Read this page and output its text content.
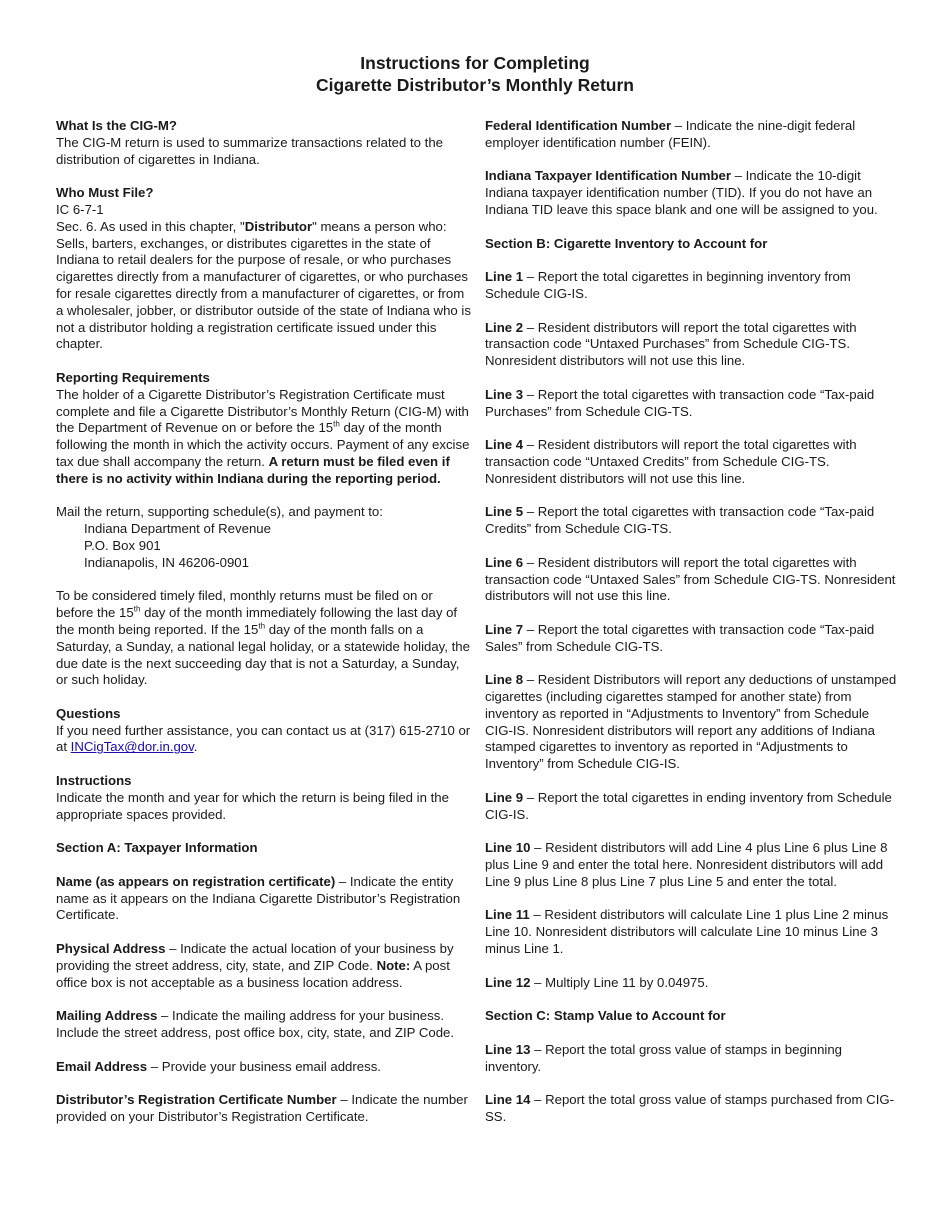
Instructions for Completing
Cigarette Distributor’s Monthly Return

What Is the CIG-M?
The CIG-M return is used to summarize transactions related to the distribution of cigarettes in Indiana.

Who Must File?
IC 6-7-1
Sec. 6. As used in this chapter, "Distributor" means a person who: Sells, barters, exchanges, or distributes cigarettes in the state of Indiana to retail dealers for the purpose of resale, or who purchases cigarettes directly from a manufacturer of cigarettes, or who purchases for resale cigarettes directly from a manufacturer of cigarettes, or from a wholesaler, jobber, or distributor outside of the state of Indiana who is not a distributor holding a registration certificate issued under this chapter.

Reporting Requirements
The holder of a Cigarette Distributor’s Registration Certificate must complete and file a Cigarette Distributor’s Monthly Return (CIG-M) with the Department of Revenue on or before the 15th day of the month following the month in which the activity occurs. Payment of any excise tax due shall accompany the return. A return must be filed even if there is no activity within Indiana during the reporting period.

Mail the return, supporting schedule(s), and payment to:
Indiana Department of Revenue
P.O. Box 901
Indianapolis, IN 46206-0901

To be considered timely filed, monthly returns must be filed on or before the 15th day of the month immediately following the last day of the month being reported. If the 15th day of the month falls on a Saturday, a Sunday, a national legal holiday, or a statewide holiday, the due date is the next succeeding day that is not a Saturday, a Sunday, or such holiday.

Questions
If you need further assistance, you can contact us at (317) 615-2710 or at INCigTax@dor.in.gov.

Instructions
Indicate the month and year for which the return is being filed in the appropriate spaces provided.

Section A: Taxpayer Information

Name (as appears on registration certificate) – Indicate the entity name as it appears on the Indiana Cigarette Distributor’s Registration Certificate.

Physical Address – Indicate the actual location of your business by providing the street address, city, state, and ZIP Code. Note: A post office box is not acceptable as a business location address.

Mailing Address – Indicate the mailing address for your business. Include the street address, post office box, city, state, and ZIP Code.

Email Address – Provide your business email address.

Distributor’s Registration Certificate Number – Indicate the number provided on your Distributor’s Registration Certificate.

Federal Identification Number – Indicate the nine-digit federal employer identification number (FEIN).

Indiana Taxpayer Identification Number – Indicate the 10-digit Indiana taxpayer identification number (TID). If you do not have an Indiana TID leave this space blank and one will be assigned to you.

Section B: Cigarette Inventory to Account for

Line 1 – Report the total cigarettes in beginning inventory from Schedule CIG-IS.

Line 2 – Resident distributors will report the total cigarettes with transaction code “Untaxed Purchases” from Schedule CIG-TS. Nonresident distributors will not use this line.

Line 3 – Report the total cigarettes with transaction code “Tax-paid Purchases” from Schedule CIG-TS.

Line 4 – Resident distributors will report the total cigarettes with transaction code “Untaxed Credits” from Schedule CIG-TS. Nonresident distributors will not use this line.

Line 5 – Report the total cigarettes with transaction code “Tax-paid Credits” from Schedule CIG-TS.

Line 6 – Resident distributors will report the total cigarettes with transaction code “Untaxed Sales” from Schedule CIG-TS. Nonresident distributors will not use this line.

Line 7 – Report the total cigarettes with transaction code “Tax-paid Sales” from Schedule CIG-TS.

Line 8 – Resident Distributors will report any deductions of unstamped cigarettes (including cigarettes stamped for another state) from inventory as reported in “Adjustments to Inventory” from Schedule CIG-IS. Nonresident distributors will report any additions of Indiana stamped cigarettes to inventory as reported in “Adjustments to Inventory” from Schedule CIG-IS.

Line 9 – Report the total cigarettes in ending inventory from Schedule CIG-IS.

Line 10 – Resident distributors will add Line 4 plus Line 6 plus Line 8 plus Line 9 and enter the total here. Nonresident distributors will add Line 9 plus Line 8 plus Line 7 plus Line 5 and enter the total.

Line 11 – Resident distributors will calculate Line 1 plus Line 2 minus Line 10. Nonresident distributors will calculate Line 10 minus Line 3 minus Line 1.

Line 12 – Multiply Line 11 by 0.04975.

Section C: Stamp Value to Account for

Line 13 – Report the total gross value of stamps in beginning inventory.

Line 14 – Report the total gross value of stamps purchased from CIG-SS.
